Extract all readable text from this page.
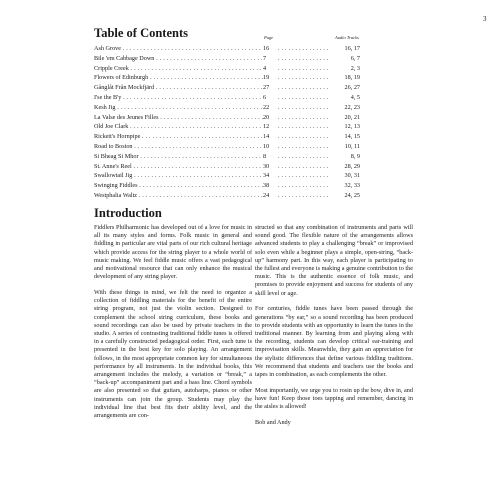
3
Table of Contents	Page	Audio Tracks
Ash Grove . . .	16 . . .	16, 17
Bile 'em Cabbage Down . . .	7 . . .	6, 7
Cripple Creek . . .	4 . . .	2, 3
Flowers of Edinburgh . . .	19 . . .	18, 19
Gånglåt Från Mockfjärd . . .	27 . . .	26, 27
I'se the B'y . . .	6 . . .	4, 5
Kesh Jig . . .	22 . . .	22, 23
La Valse des Jeunes Filles . . .	20 . . .	20, 21
Old Joe Clark . . .	12 . . .	12, 13
Rickett's Hornpipe . . .	14 . . .	14, 15
Road to Boston . . .	10 . . .	10, 11
Si Bheag Si Mhor . . .	8 . . .	8, 9
St. Anne's Reel . . .	30 . . .	28, 29
Swallowtail Jig . . .	34 . . .	30, 31
Swinging Fiddles . . .	38 . . .	32, 33
Westphalia Waltz . . .	24 . . .	24, 25
Introduction

Fiddlers Philharmonic has developed out of a love for music in all its many styles and forms. Folk music in general and fiddling in particular are vital parts of our rich cultural heritage which provide access for the string player to a whole world of music making. We feel fiddle music offers a vast pedagogical and motivational resource that can only enhance the musical development of any string player.

With these things in mind, we felt the need to organize a collection of fiddling materials for the benefit of the entire string program, not just the violin section. Designed to complement the school string curriculum, these books and sound recordings can also be used by private teachers in the studio. A series of contrasting traditional fiddle tunes is offered in a carefully constructed pedagogical order. First, each tune is presented in the best key for solo playing. An arrangement follows, in the most appropriate common key for simultaneous performance by all instruments. In the individual books, this arrangement includes the melody, a variation or “break,” a “back-up” accompaniment part and a bass line. Chord symbols are also presented so that guitars, autoharps, pianos or other instruments can join the group. Students may play the individual line that best fits their ability level, and the arrangements are con-

structed so that any combination of instruments and parts will sound good. The flexible nature of the arrangements allows advanced students to play a challenging “break” or improvised solo even while a beginner plays a simple, open-string, “back-up” harmony part. In this way, each player is participating to the fullest and everyone is making a genuine contribution to the music. This is the authentic essence of folk music, and promises to provide enjoyment and success for students of any skill level or age.

For centuries, fiddle tunes have been passed through the generations “by ear,” so a sound recording has been produced to provide students with an opportunity to learn the tunes in the traditional manner. By learning from and playing along with the recording, students can develop critical ear-training and improvisation skills. Meanwhile, they gain an appreciation for the stylistic differences that define various fiddling traditions. We recommend that students and teachers use the books and tapes in combination, as each complements the other.

Most importantly, we urge you to rosin up the bow, dive in, and have fun! Keep those toes tapping and remember, dancing in the aisles is allowed!

Bob and Andy
